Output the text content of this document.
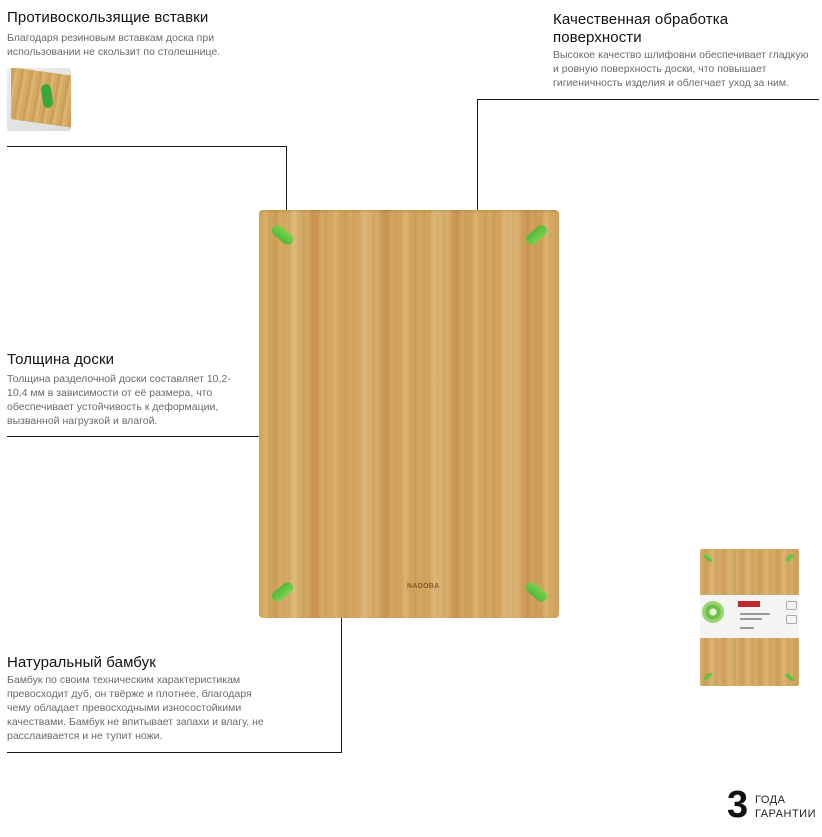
Противоскользящие вставки
Благодаря резиновым вставкам доска при использовании не скользит по столешнице.
Качественная обработка
поверхности
Высокое качество шлифовни обеспечивает гладкую и ровную поверхность доски, что повышает гигиеничность изделия и облегчает уход за ним.
Толщина доски
Толщина разделочной доски составляет 10,2-10,4 мм в зависимости от её размера, что обеспечивает устойчивость к деформации, вызванной нагрузкой и влагой.
Натуральный бамбук
Бамбук по своим техническим характеристикам превосходит дуб, он твёрже и плотнее, благодаря чему обладает превосходными износостойкими качествами. Бамбук не впитывает запахи и влагу, не расслаивается и не тупит ножи.
NADOBA
3 ГОДА
ГАРАНТИИ
